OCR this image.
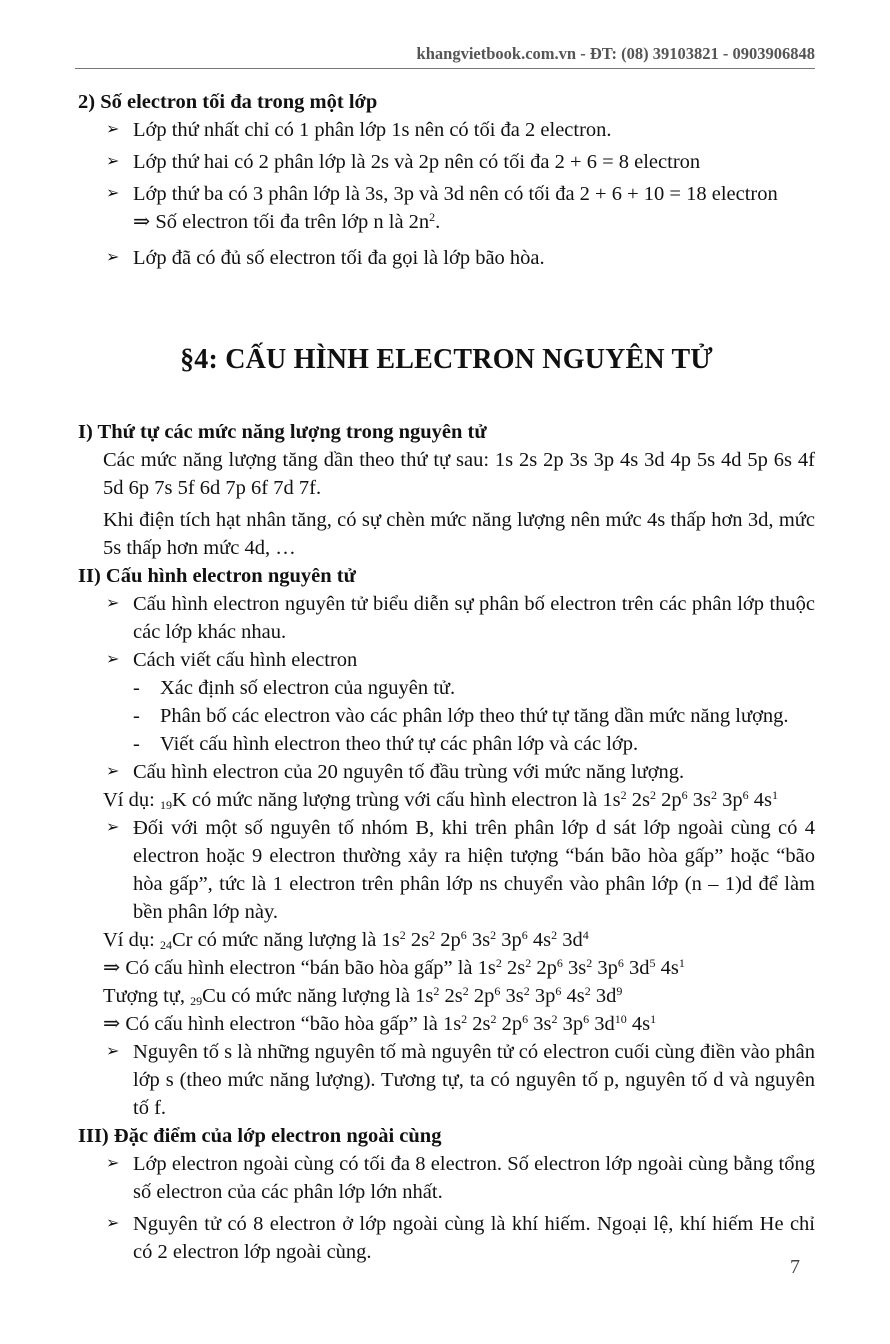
khangvietbook.com.vn - ĐT: (08) 39103821 - 0903906848
2) Số electron tối đa trong một lớp
➢ Lớp thứ nhất chỉ có 1 phân lớp 1s nên có tối đa 2 electron.
➢ Lớp thứ hai có 2 phân lớp là 2s và 2p nên có tối đa 2 + 6 = 8 electron
➢ Lớp thứ ba có 3 phân lớp là 3s, 3p và 3d nên có tối đa 2 + 6 + 10 = 18 electron
⇒ Số electron tối đa trên lớp n là $2n^2$.
➢ Lớp đã có đủ số electron tối đa gọi là lớp bão hòa.
§4: CẤU HÌNH ELECTRON NGUYÊN TỬ
I) Thứ tự các mức năng lượng trong nguyên tử
Các mức năng lượng tăng dần theo thứ tự sau: 1s 2s 2p 3s 3p 4s 3d 4p 5s 4d 5p 6s 4f 5d 6p 7s 5f 6d 7p 6f 7d 7f.
Khi điện tích hạt nhân tăng, có sự chèn mức năng lượng nên mức 4s thấp hơn 3d, mức 5s thấp hơn mức 4d, …
II) Cấu hình electron nguyên tử
➢ Cấu hình electron nguyên tử biểu diễn sự phân bố electron trên các phân lớp thuộc các lớp khác nhau.
➢ Cách viết cấu hình electron
- Xác định số electron của nguyên tử.
- Phân bố các electron vào các phân lớp theo thứ tự tăng dần mức năng lượng.
- Viết cấu hình electron theo thứ tự các phân lớp và các lớp.
➢ Cấu hình electron của 20 nguyên tố đầu trùng với mức năng lượng.
Ví dụ: $_{19}$K có mức năng lượng trùng với cấu hình electron là $1s^2$ $2s^2$ $2p^6$ $3s^2$ $3p^6$ $4s^1$
➢ Đối với một số nguyên tố nhóm B, khi trên phân lớp d sát lớp ngoài cùng có 4 electron hoặc 9 electron thường xảy ra hiện tượng “bán bão hòa gấp” hoặc “bão hòa gấp”, tức là 1 electron trên phân lớp ns chuyển vào phân lớp (n – 1)d để làm bền phân lớp này.
Ví dụ: $_{24}$Cr có mức năng lượng là $1s^2$ $2s^2$ $2p^6$ $3s^2$ $3p^6$ $4s^2$ $3d^4$
⇒ Có cấu hình electron “bán bão hòa gấp” là $1s^2$ $2s^2$ $2p^6$ $3s^2$ $3p^6$ $3d^5$ $4s^1$
Tượng tự, $_{29}$Cu có mức năng lượng là $1s^2$ $2s^2$ $2p^6$ $3s^2$ $3p^6$ $4s^2$ $3d^9$
⇒ Có cấu hình electron “bão hòa gấp” là $1s^2$ $2s^2$ $2p^6$ $3s^2$ $3p^6$ $3d^{10}$ $4s^1$
➢ Nguyên tố s là những nguyên tố mà nguyên tử có electron cuối cùng điền vào phân lớp s (theo mức năng lượng). Tương tự, ta có nguyên tố p, nguyên tố d và nguyên tố f.
III) Đặc điểm của lớp electron ngoài cùng
➢ Lớp electron ngoài cùng có tối đa 8 electron. Số electron lớp ngoài cùng bằng tổng số electron của các phân lớp lớn nhất.
➢ Nguyên tử có 8 electron ở lớp ngoài cùng là khí hiếm. Ngoại lệ, khí hiếm He chỉ có 2 electron lớp ngoài cùng.
7
